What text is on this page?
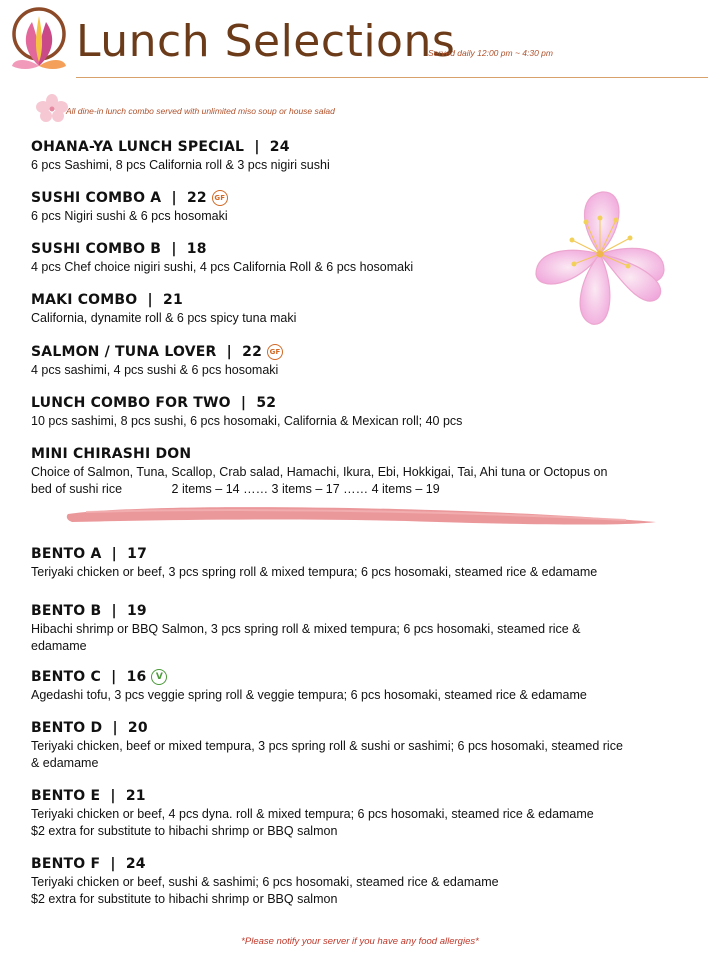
Lunch Selections
Served daily 12:00 pm ~ 4:30 pm
All dine-in lunch combo served with unlimited miso soup or house salad
OHANA-YA LUNCH SPECIAL | 24
6 pcs Sashimi, 8 pcs California roll & 3 pcs nigiri sushi
SUSHI COMBO A | 22	GF
6 pcs Nigiri sushi & 6 pcs hosomaki
SUSHI COMBO B | 18
4 pcs Chef choice nigiri sushi, 4 pcs California Roll & 6 pcs hosomaki
MAKI COMBO | 21
California, dynamite roll & 6 pcs spicy tuna maki
SALMON / TUNA LOVER | 22	GF
4 pcs sashimi, 4 pcs sushi & 6 pcs hosomaki
LUNCH COMBO FOR TWO | 52
10 pcs sashimi, 8 pcs sushi, 6 pcs hosomaki, California & Mexican roll; 40 pcs
MINI CHIRASHI DON
Choice of Salmon, Tuna, Scallop, Crab salad, Hamachi, Ikura, Ebi, Hokkigai, Tai, Ahi tuna or Octopus on
bed of sushi rice	2 items – 14 …… 3 items – 17 …… 4 items – 19
BENTO A | 17
Teriyaki chicken or beef, 3 pcs spring roll & mixed tempura; 6 pcs hosomaki, steamed rice & edamame
BENTO B | 19
Hibachi shrimp or BBQ Salmon, 3 pcs spring roll & mixed tempura; 6 pcs hosomaki, steamed rice &
edamame
BENTO C | 16	V
Agedashi tofu, 3 pcs veggie spring roll & veggie tempura; 6 pcs hosomaki, steamed rice & edamame
BENTO D | 20
Teriyaki chicken, beef or mixed tempura, 3 pcs spring roll & sushi or sashimi; 6 pcs hosomaki, steamed rice
& edamame
BENTO E | 21
Teriyaki chicken or beef, 4 pcs dyna. roll & mixed tempura; 6 pcs hosomaki, steamed rice & edamame
$2 extra for substitute to hibachi shrimp or BBQ salmon
BENTO F | 24
Teriyaki chicken or beef, sushi & sashimi; 6 pcs hosomaki, steamed rice & edamame
$2 extra for substitute to hibachi shrimp or BBQ salmon
*Please notify your server if you have any food allergies*
